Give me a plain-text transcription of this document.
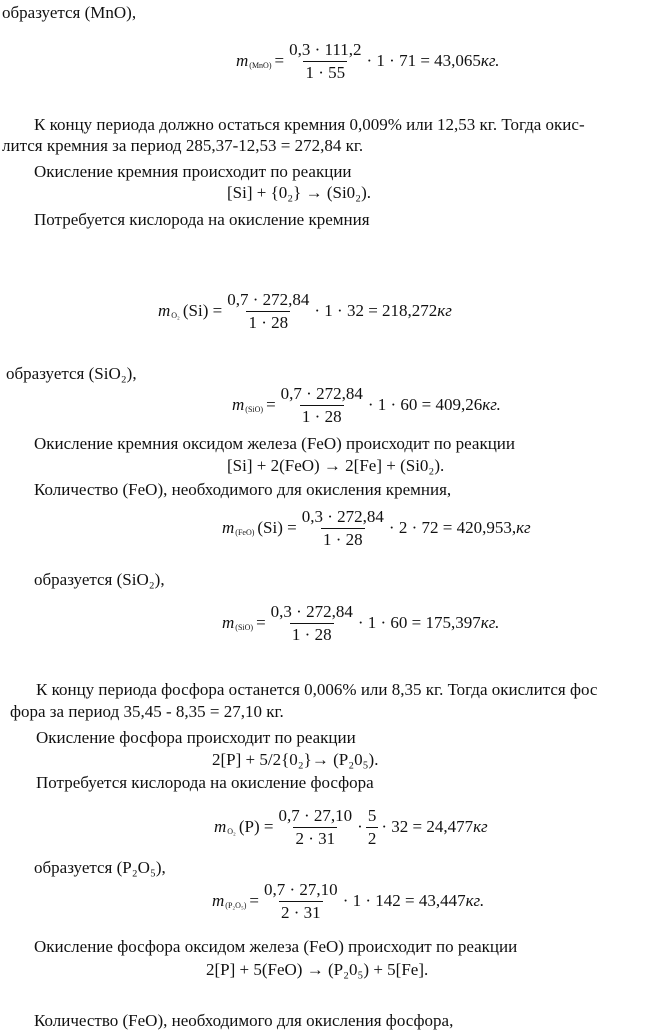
образуется (MnO),
m $(MnO) = \frac{0,3 \cdot 111,2}{1 \cdot 55} \cdot 1 \cdot 71 = 43,065$ кг.
К концу периода должно остаться кремния 0,009% или 12,53 кг. Тогда окис-
лится кремния за период 285,37-12,53 = 272,84 кг.
Окисление кремния происходит по реакции
[Si] + {0₂} → (Si0₂).
Потребуется кислорода на окисление кремния
m O₂ $(Si) = \frac{0,7 \cdot 272,84}{1 \cdot 28} \cdot 1 \cdot 32 = 218,272$ кг
образуется (SiO₂),
m $(SiO) = \frac{0,7 \cdot 272,84}{1 \cdot 28} \cdot 1 \cdot 60 = 409,26$ кг.
Окисление кремния оксидом железа (FeO) происходит по реакции
[Si] + 2(FeO) → 2[Fe] + (Si0₂).
Количество (FeO), необходимого для окисления кремния,
m (FeO) $(Si) = \frac{0,3 \cdot 272,84}{1 \cdot 28} \cdot 2 \cdot 72 = 420,953$, кг
образуется (SiO₂),
m $(SiO) = \frac{0,3 \cdot 272,84}{1 \cdot 28} \cdot 1 \cdot 60 = 175,397$ кг.
К концу периода фосфора останется 0,006% или 8,35 кг. Тогда окислится фос
фора за период 35,45 - 8,35 = 27,10 кг.
Окисление фосфора происходит по реакции
2[P] + 5/2{0₂}→ (P₂0₅).
Потребуется кислорода на окисление фосфора
m O₂ $(P) = \frac{0,7 \cdot 27,10}{2 \cdot 31} \cdot \frac{5}{2} \cdot 32 = 24,477$ кг
образуется (P₂O₅),
m $(P_2O_5) = \frac{0,7 \cdot 27,10}{2 \cdot 31} \cdot 1 \cdot 142 = 43,447$ кг.
Окисление фосфора оксидом железа (FeO) происходит по реакции
2[P] + 5(FeO) → (P₂0₅) + 5[Fe].
Количество (FeO), необходимого для окисления фосфора,
